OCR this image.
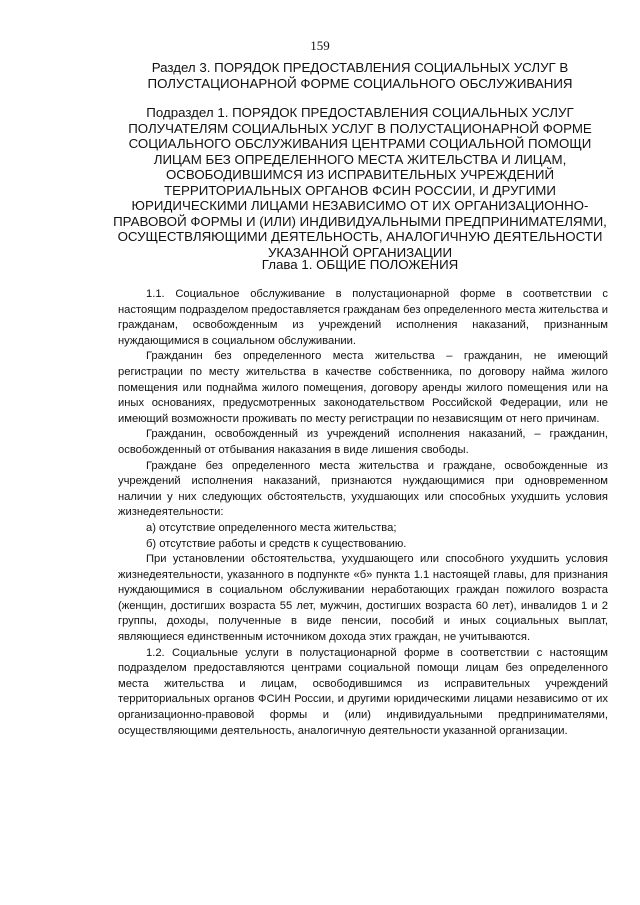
159
Раздел 3. ПОРЯДОК ПРЕДОСТАВЛЕНИЯ СОЦИАЛЬНЫХ УСЛУГ В ПОЛУСТАЦИОНАРНОЙ ФОРМЕ СОЦИАЛЬНОГО ОБСЛУЖИВАНИЯ
Подраздел 1. ПОРЯДОК ПРЕДОСТАВЛЕНИЯ СОЦИАЛЬНЫХ УСЛУГ ПОЛУЧАТЕЛЯМ СОЦИАЛЬНЫХ УСЛУГ В ПОЛУСТАЦИОНАРНОЙ ФОРМЕ СОЦИАЛЬНОГО ОБСЛУЖИВАНИЯ ЦЕНТРАМИ СОЦИАЛЬНОЙ ПОМОЩИ ЛИЦАМ БЕЗ ОПРЕДЕЛЕННОГО МЕСТА ЖИТЕЛЬСТВА И ЛИЦАМ, ОСВОБОДИВШИМСЯ ИЗ ИСПРАВИТЕЛЬНЫХ УЧРЕЖДЕНИЙ ТЕРРИТОРИАЛЬНЫХ ОРГАНОВ ФСИН РОССИИ, И ДРУГИМИ ЮРИДИЧЕСКИМИ ЛИЦАМИ НЕЗАВИСИМО ОТ ИХ ОРГАНИЗАЦИОННО-ПРАВОВОЙ ФОРМЫ И (ИЛИ) ИНДИВИДУАЛЬНЫМИ ПРЕДПРИНИМАТЕЛЯМИ, ОСУЩЕСТВЛЯЮЩИМИ ДЕЯТЕЛЬНОСТЬ, АНАЛОГИЧНУЮ ДЕЯТЕЛЬНОСТИ УКАЗАННОЙ ОРГАНИЗАЦИИ
Глава 1. ОБЩИЕ ПОЛОЖЕНИЯ

1.1. Социальное обслуживание в полустационарной форме в соответствии с настоящим подразделом предоставляется гражданам без определенного места жительства и гражданам, освобожденным из учреждений исполнения наказаний, признанным нуждающимися в социальном обслуживании.

Гражданин без определенного места жительства – гражданин, не имеющий регистрации по месту жительства в качестве собственника, по договору найма жилого помещения или поднайма жилого помещения, договору аренды жилого помещения или на иных основаниях, предусмотренных законодательством Российской Федерации, или не имеющий возможности проживать по месту регистрации по независящим от него причинам.

Гражданин, освобожденный из учреждений исполнения наказаний, – гражданин, освобожденный от отбывания наказания в виде лишения свободы.

Граждане без определенного места жительства и граждане, освобожденные из учреждений исполнения наказаний, признаются нуждающимися при одновременном наличии у них следующих обстоятельств, ухудшающих или способных ухудшить условия жизнедеятельности:

а) отсутствие определенного места жительства;

б) отсутствие работы и средств к существованию.

При установлении обстоятельства, ухудшающего или способного ухудшить условия жизнедеятельности, указанного в подпункте «б» пункта 1.1 настоящей главы, для признания нуждающимися в социальном обслуживании неработающих граждан пожилого возраста (женщин, достигших возраста 55 лет, мужчин, достигших возраста 60 лет), инвалидов 1 и 2 группы, доходы, полученные в виде пенсии, пособий и иных социальных выплат, являющиеся единственным источником дохода этих граждан, не учитываются.

1.2. Социальные услуги в полустационарной форме в соответствии с настоящим подразделом предоставляются центрами социальной помощи лицам без определенного места жительства и лицам, освободившимся из исправительных учреждений территориальных органов ФСИН России, и другими юридическими лицами независимо от их организационно-правовой формы и (или) индивидуальными предпринимателями, осуществляющими деятельность, аналогичную деятельности указанной организации.
